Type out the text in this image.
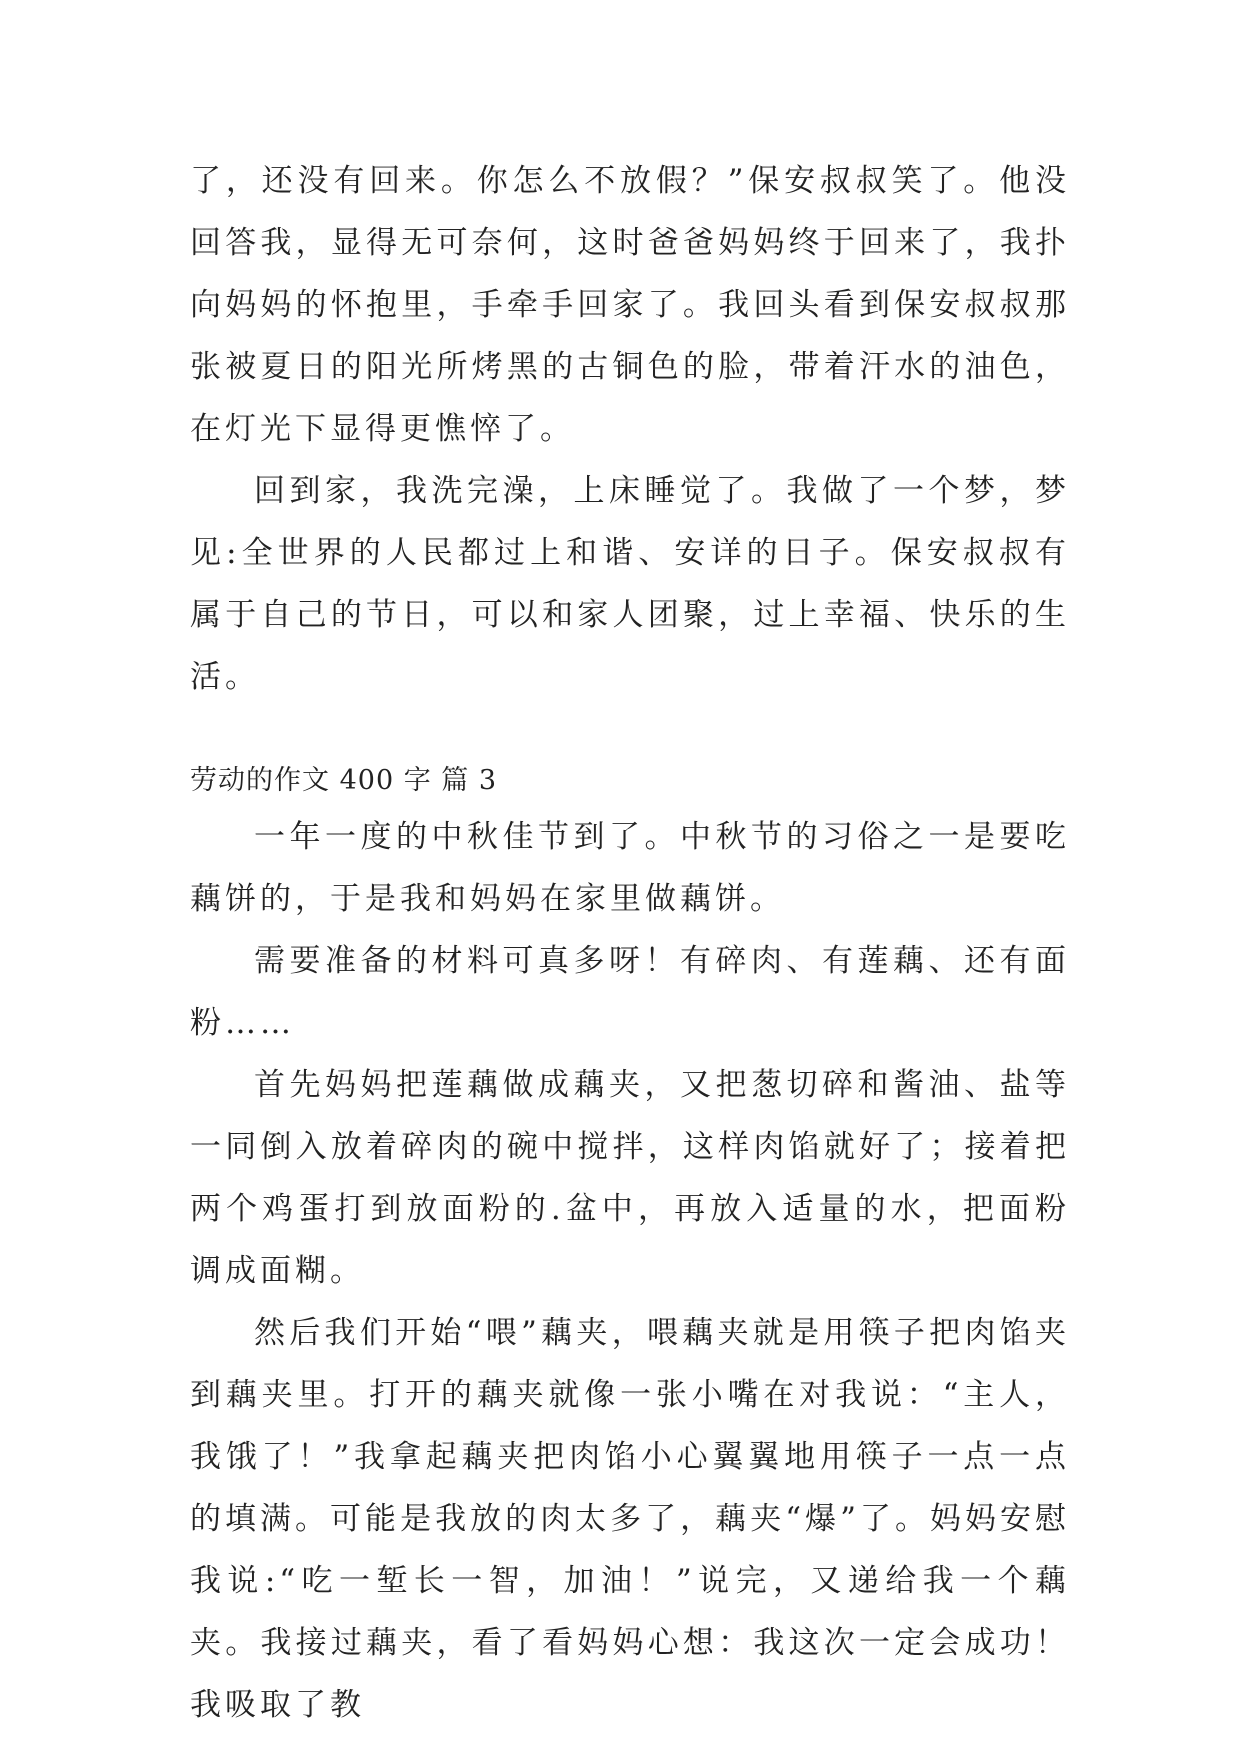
了，还没有回来。你怎么不放假？”保安叔叔笑了。他没回答我，显得无可奈何，这时爸爸妈妈终于回来了，我扑向妈妈的怀抱里，手牵手回家了。我回头看到保安叔叔那张被夏日的阳光所烤黑的古铜色的脸，带着汗水的油色，在灯光下显得更憔悴了。

回到家，我洗完澡，上床睡觉了。我做了一个梦，梦见:全世界的人民都过上和谐、安详的日子。保安叔叔有属于自己的节日，可以和家人团聚，过上幸福、快乐的生活。

劳动的作文 400 字 篇 3

一年一度的中秋佳节到了。中秋节的习俗之一是要吃藕饼的，于是我和妈妈在家里做藕饼。

需要准备的材料可真多呀！有碎肉、有莲藕、还有面粉……

首先妈妈把莲藕做成藕夹，又把葱切碎和酱油、盐等一同倒入放着碎肉的碗中搅拌，这样肉馅就好了；接着把两个鸡蛋打到放面粉的.盆中，再放入适量的水，把面粉调成面糊。

然后我们开始“喂”藕夹，喂藕夹就是用筷子把肉馅夹到藕夹里。打开的藕夹就像一张小嘴在对我说：“主人，我饿了！”我拿起藕夹把肉馅小心翼翼地用筷子一点一点的填满。可能是我放的肉太多了，藕夹“爆”了。妈妈安慰我说:“吃一堑长一智，加油！”说完，又递给我一个藕夹。我接过藕夹，看了看妈妈心想：我这次一定会成功！我吸取了教
